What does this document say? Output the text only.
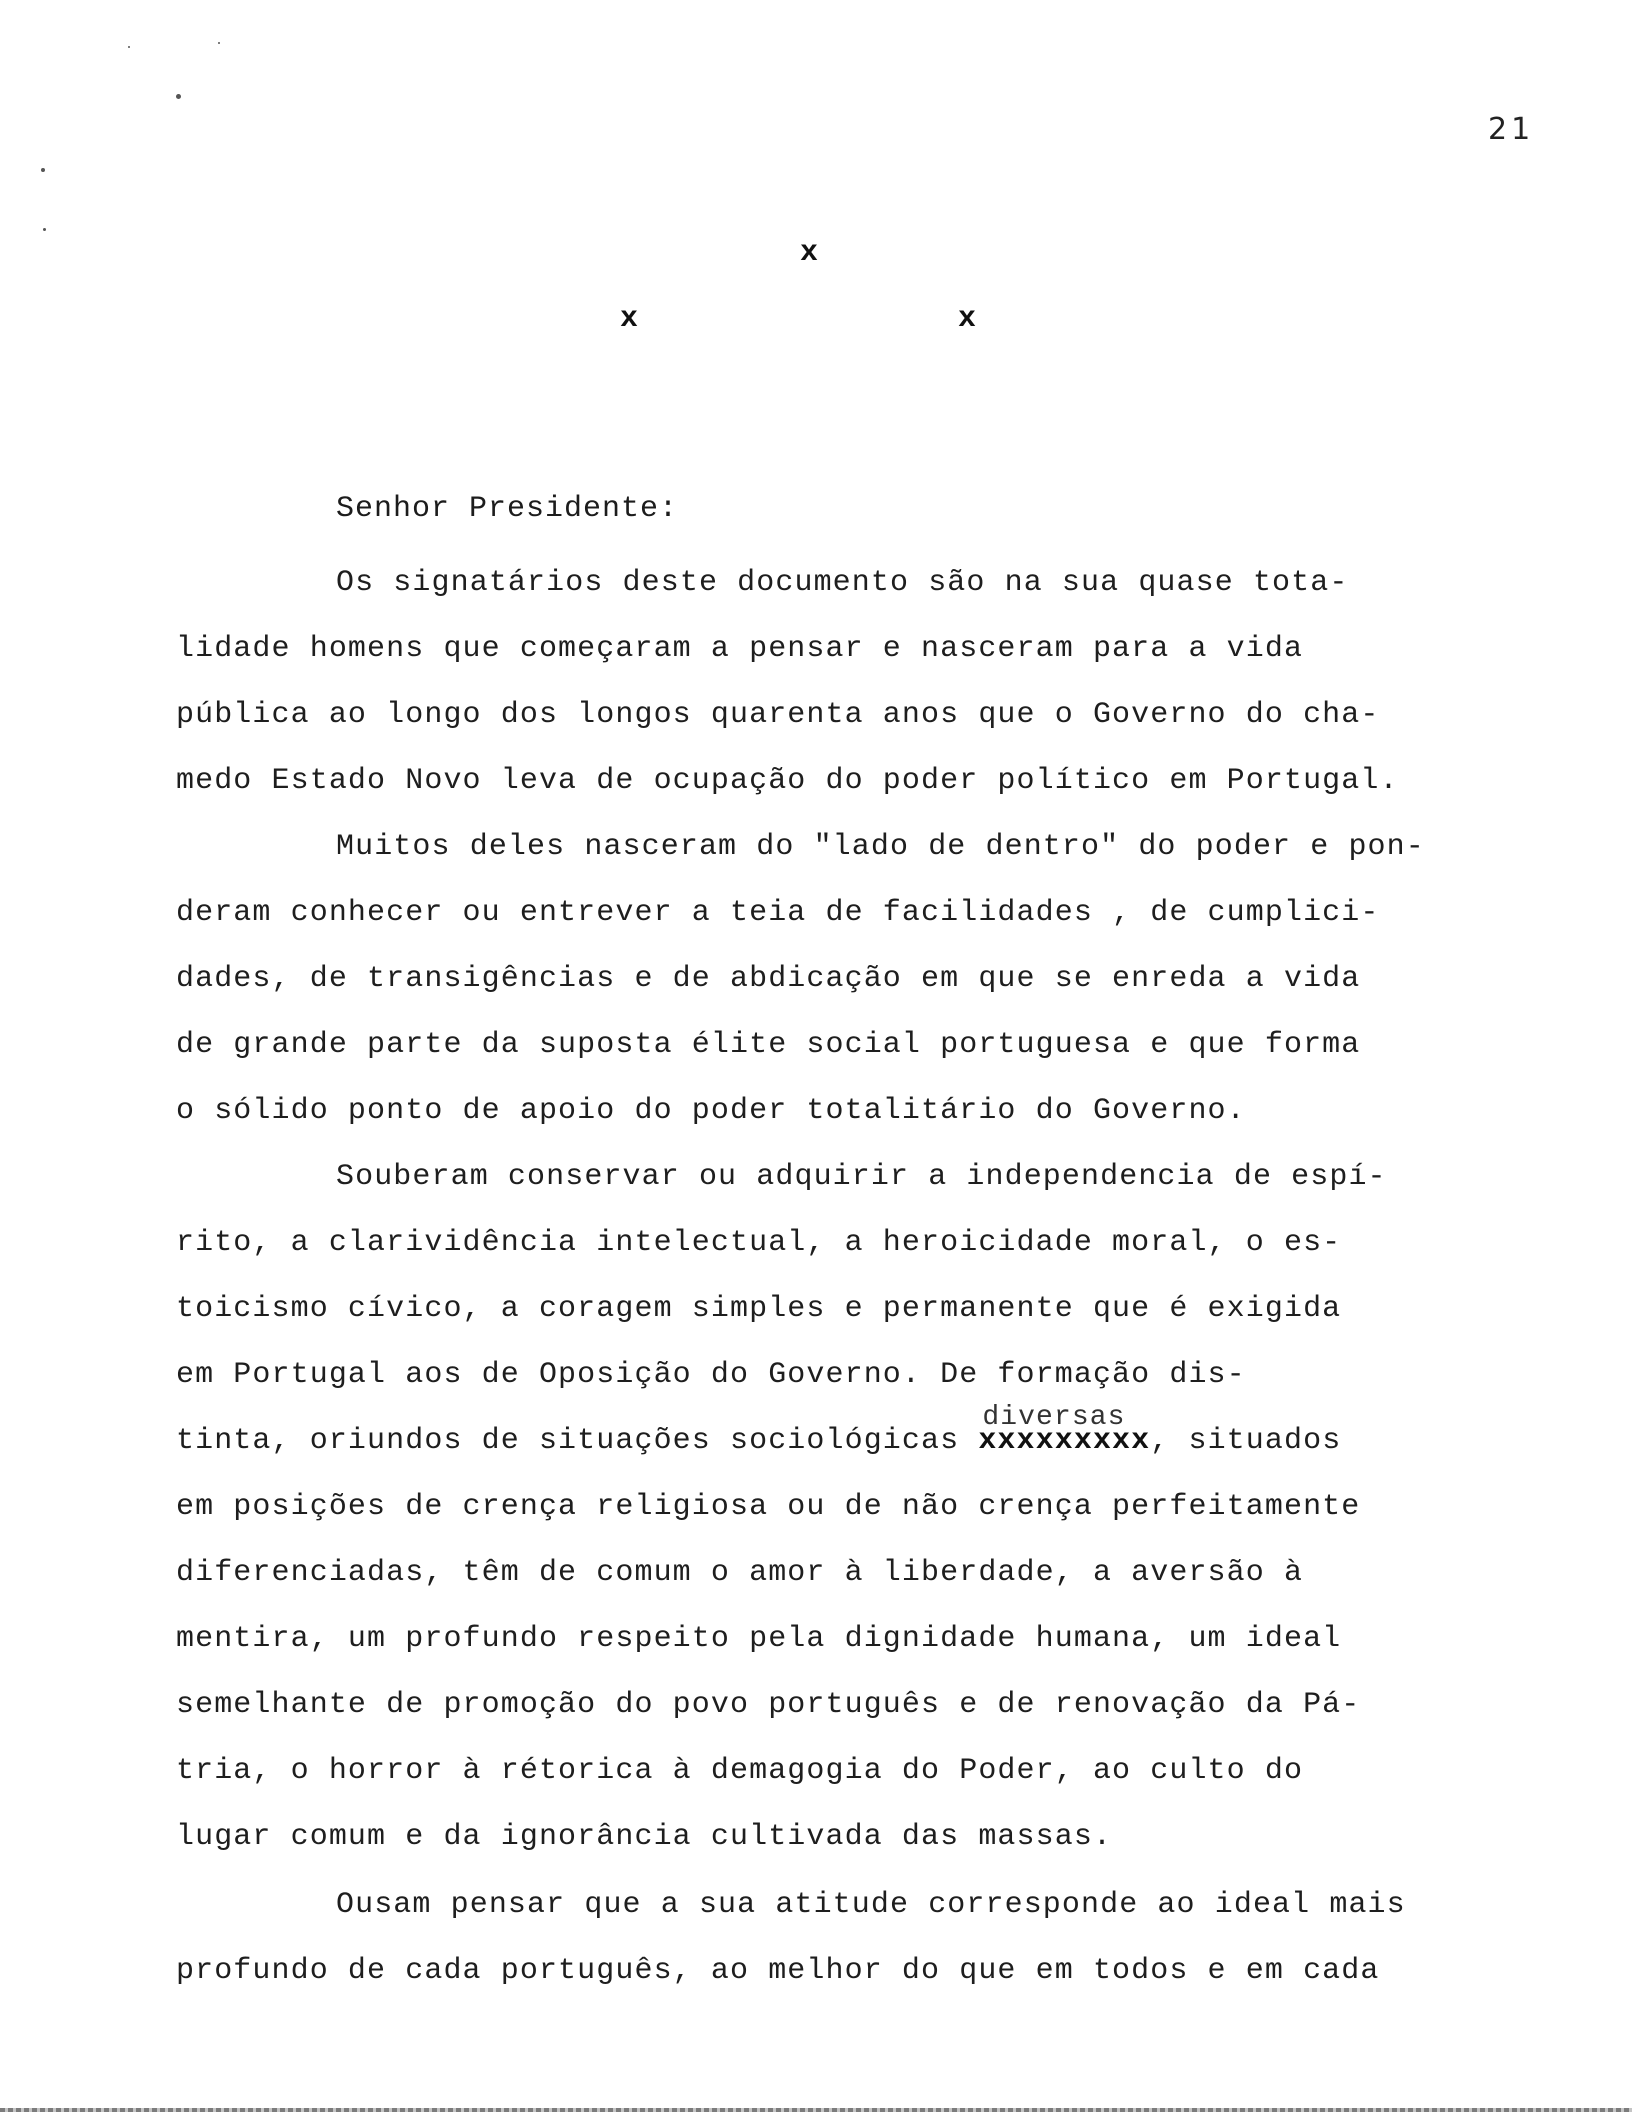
21
x
x	x
Senhor Presidente:
Os signatários deste documento são na sua quase tota-
lidade homens que começaram a pensar e nasceram para a vida
pública ao longo dos longos quarenta anos que o Governo do cha-
medo Estado Novo leva de ocupação do poder político em Portugal.
Muitos deles nasceram do "lado de dentro" do poder e pon-
deram conhecer ou entrever a teia de facilidades , de cumplici-
dades, de transigências e de abdicação em que se enreda a vida
de grande parte da suposta élite social portuguesa e que forma
o sólido ponto de apoio do poder totalitário do Governo.
Souberam conservar ou adquirir a independencia de espí-
rito, a clarividência intelectual, a heroicidade moral, o es-
toicismo cívico, a coragem simples e permanente que é exigida
em Portugal aos de Oposição do Governo. De formação dis-
tinta, oriundos de situações sociológicas
diversas
xxxxxxxxx, situados
em posições de crença religiosa ou de não crença perfeitamente
diferenciadas, têm de comum o amor à liberdade, a aversão à
mentira, um profundo respeito pela dignidade humana, um ideal
semelhante de promoção do povo português e de renovação da Pá-
tria, o horror à rétorica à demagogia do Poder, ao culto do
lugar comum e da ignorância cultivada das massas.
Ousam pensar que a sua atitude corresponde ao ideal mais
profundo de cada português, ao melhor do que em todos e em cada
